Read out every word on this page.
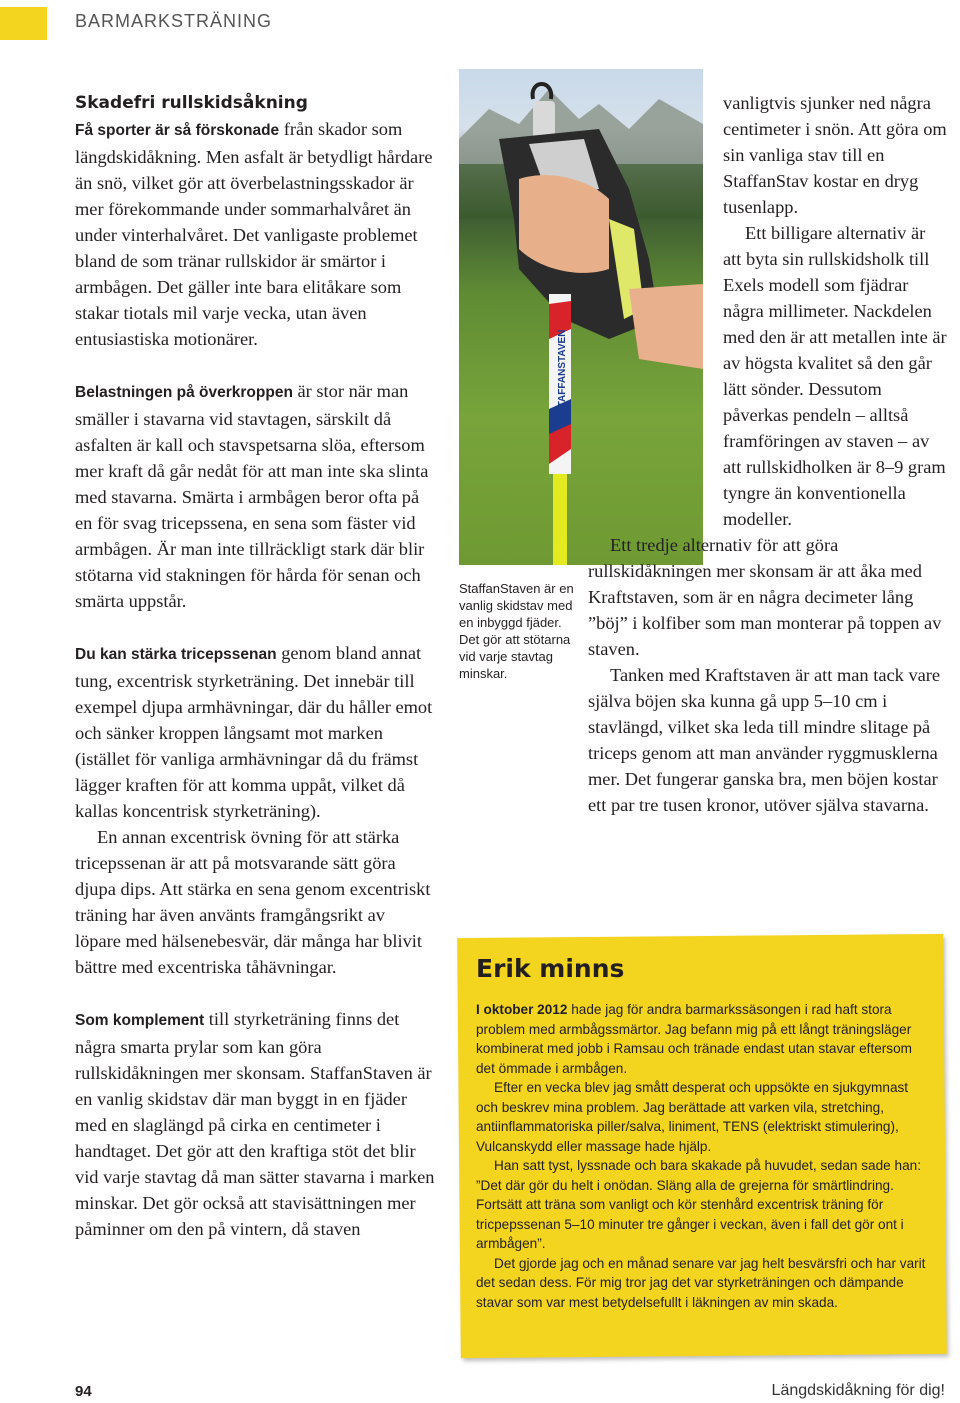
BARMARKSTRÄNING

Skadefri rullskidsåkning

Få sporter är så förskonade från skador som längdskidåkning. Men asfalt är betydligt hårdare än snö, vilket gör att överbelastningsskador är mer förekommande under sommarhalvåret än under vinterhalvåret. Det vanligaste problemet bland de som tränar rullskidor är smärtor i armbågen. Det gäller inte bara elitåkare som stakar tiotals mil varje vecka, utan även entusiastiska motionärer.

Belastningen på överkroppen är stor när man smäller i stavarna vid stavtagen, särskilt då asfalten är kall och stavspetsarna slöa, eftersom mer kraft då går nedåt för att man inte ska slinta med stavarna. Smärta i armbågen beror ofta på en för svag tricepssena, en sena som fäster vid armbågen. Är man inte tillräckligt stark där blir stötarna vid stakningen för hårda för senan och smärta uppstår.

Du kan stärka tricepssenan genom bland annat tung, excentrisk styrketräning. Det innebär till exempel djupa armhävningar, där du håller emot och sänker kroppen långsamt mot marken (istället för vanliga armhävningar då du främst lägger kraften för att komma uppåt, vilket då kallas koncentrisk styrketräning).

En annan excentrisk övning för att stärka tricepssenan är att på motsvarande sätt göra djupa dips. Att stärka en sena genom excentriskt träning har även använts framgångsrikt av löpare med hälsenebesvär, där många har blivit bättre med excentriska tåhävningar.

Som komplement till styrketräning finns det några smarta prylar som kan göra rullskidåkningen mer skonsam. StaffanStaven är en vanlig skidstav där man byggt in en fjäder med en slaglängd på cirka en centimeter i handtaget. Det gör att den kraftiga stöt det blir vid varje stavtag då man sätter stavarna i marken minskar. Det gör också att stavisättningen mer påminner om den på vintern, då staven

STAFFANSTAVEN
StaffanStaven är en vanlig skidstav med en inbyggd fjäder. Det gör att stötarna vid varje stavtag minskar.

vanligtvis sjunker ned några centimeter i snön. Att göra om sin vanliga stav till en StaffanStav kostar en dryg tusenlapp.

Ett billigare alternativ är att byta sin rullskidsholk till Exels modell som fjädrar några millimeter. Nackdelen med den är att metallen inte är av högsta kvalitet så den går lätt sönder. Dessutom påverkas pendeln – alltså framföringen av staven – av att rullskidholken är 8–9 gram tyngre än konventionella modeller.

Ett tredje alternativ för att göra rullskidåkningen mer skonsam är att åka med Kraftstaven, som är en några decimeter lång ”böj” i kolfiber som man monterar på toppen av staven.

Tanken med Kraftstaven är att man tack vare själva böjen ska kunna gå upp 5–10 cm i stavlängd, vilket ska leda till mindre slitage på triceps genom att man använder ryggmusklerna mer. Det fungerar ganska bra, men böjen kostar ett par tre tusen kronor, utöver själva stavarna.

Erik minns

I oktober 2012 hade jag för andra barmarkssäsongen i rad haft stora problem med armbågssmärtor. Jag befann mig på ett långt träningsläger kombinerat med jobb i Ramsau och tränade endast utan stavar eftersom det ömmade i armbågen.

Efter en vecka blev jag smått desperat och uppsökte en sjukgymnast och beskrev mina problem. Jag berättade att varken vila, stretching, antiinflammatoriska piller/salva, liniment, TENS (elektriskt stimulering), Vulcanskydd eller massage hade hjälp.

Han satt tyst, lyssnade och bara skakade på huvudet, sedan sade han: ”Det där gör du helt i onödan. Släng alla de grejerna för smärtlindring. Fortsätt att träna som vanligt och kör stenhård excentrisk träning för tricpepssenan 5–10 minuter tre gånger i veckan, även i fall det gör ont i armbågen”.

Det gjorde jag och en månad senare var jag helt besvärsfri och har varit det sedan dess. För mig tror jag det var styrketräningen och dämpande stavar som var mest betydelsefullt i läkningen av min skada.

94	Längdskidåkning för dig!
